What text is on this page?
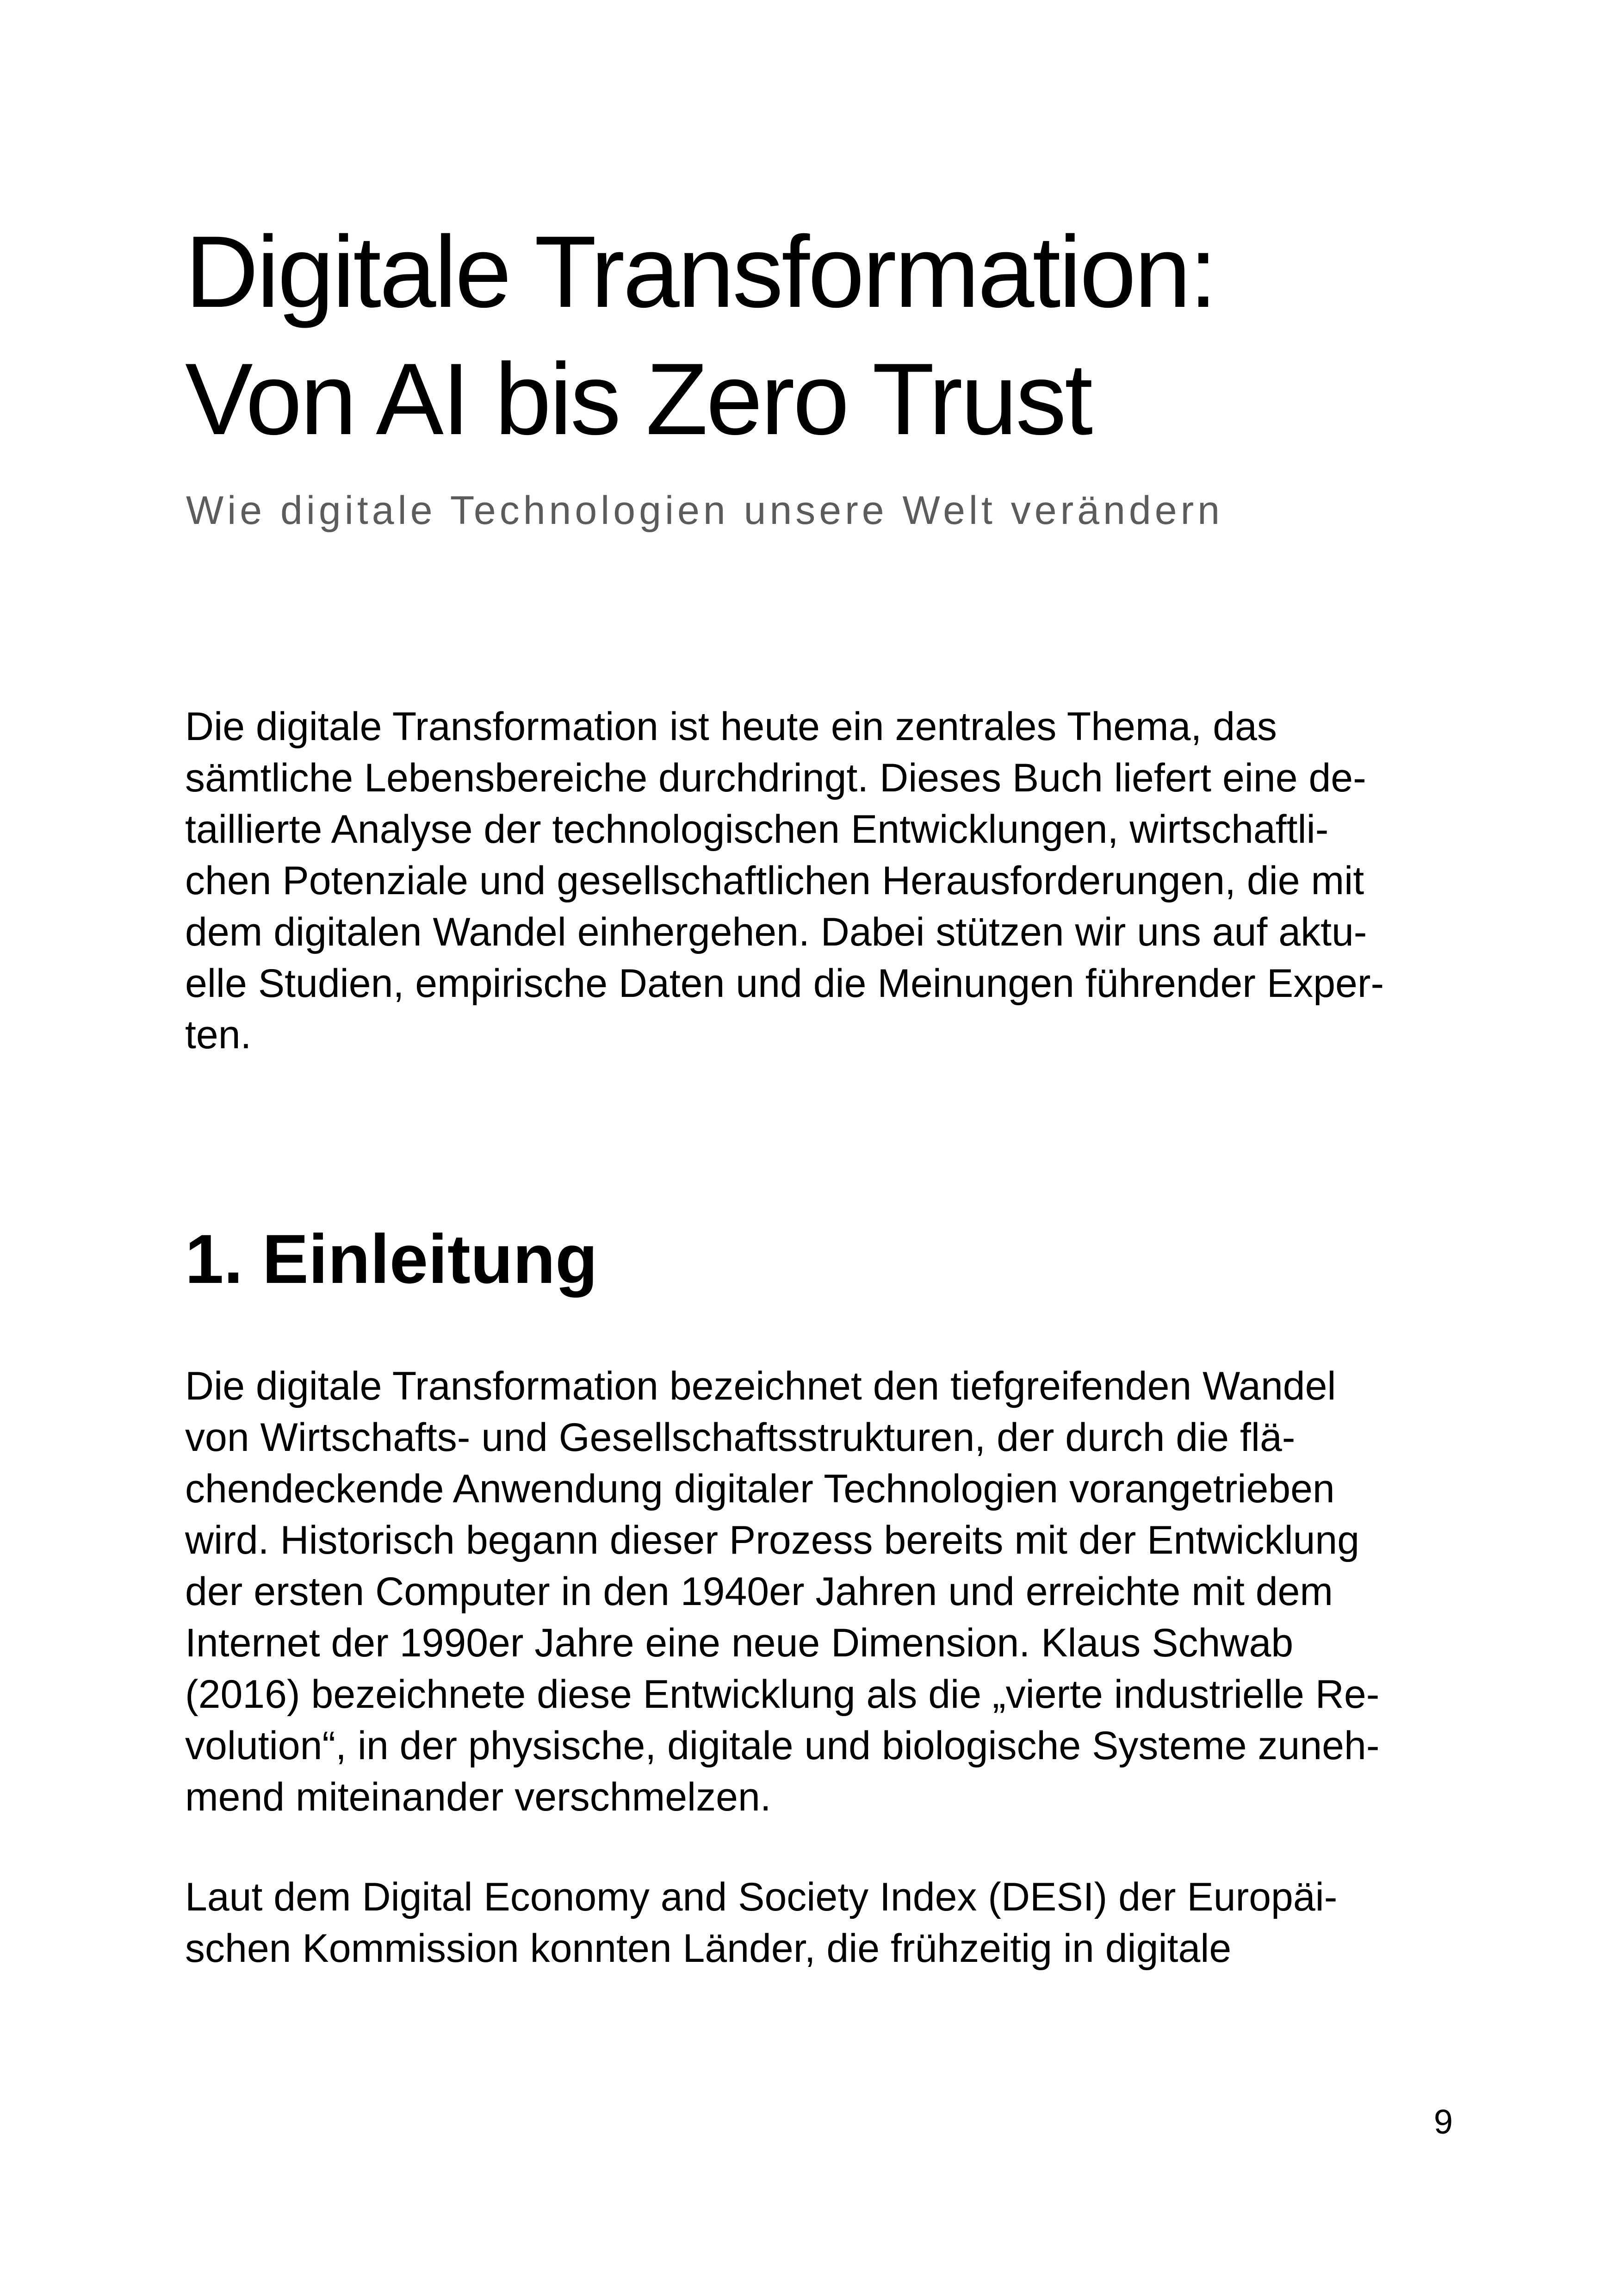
Digitale Transformation:
Von AI bis Zero Trust

Wie digitale Technologien unsere Welt verändern

Die digitale Transformation ist heute ein zentrales Thema, das
sämtliche Lebensbereiche durchdringt. Dieses Buch liefert eine de-
taillierte Analyse der technologischen Entwicklungen, wirtschaftli-
chen Potenziale und gesellschaftlichen Herausforderungen, die mit
dem digitalen Wandel einhergehen. Dabei stützen wir uns auf aktu-
elle Studien, empirische Daten und die Meinungen führender Exper-
ten.

1. Einleitung

Die digitale Transformation bezeichnet den tiefgreifenden Wandel
von Wirtschafts- und Gesellschaftsstrukturen, der durch die flä-
chendeckende Anwendung digitaler Technologien vorangetrieben
wird. Historisch begann dieser Prozess bereits mit der Entwicklung
der ersten Computer in den 1940er Jahren und erreichte mit dem
Internet der 1990er Jahre eine neue Dimension. Klaus Schwab
(2016) bezeichnete diese Entwicklung als die „vierte industrielle Re-
volution“, in der physische, digitale und biologische Systeme zuneh-
mend miteinander verschmelzen.

Laut dem Digital Economy and Society Index (DESI) der Europäi-
schen Kommission konnten Länder, die frühzeitig in digitale

9
